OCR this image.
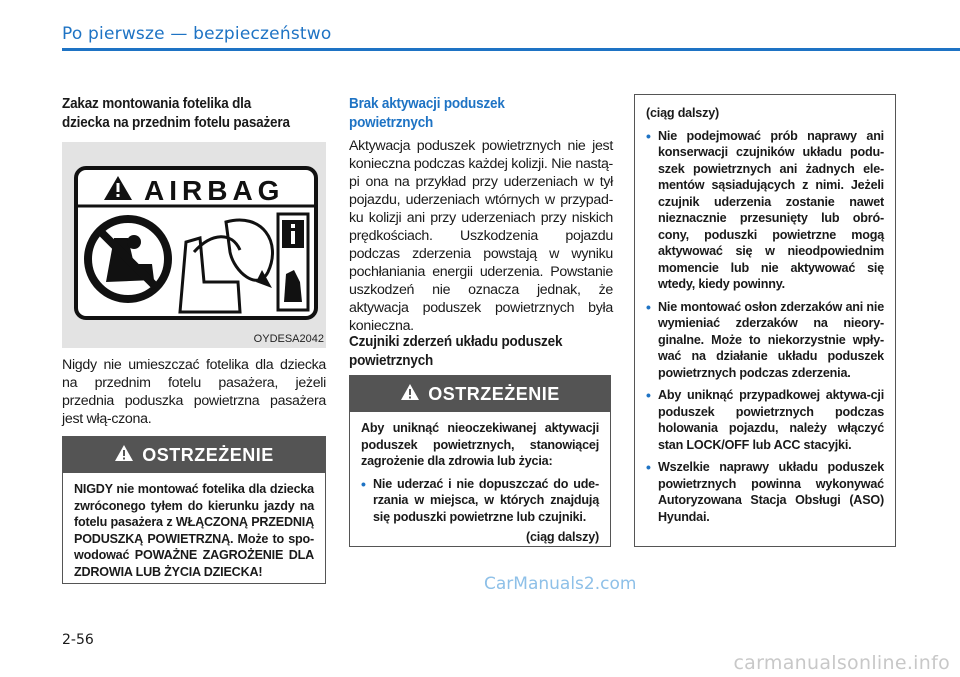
Po pierwsze — bezpieczeństwo
Zakaz montowania fotelika dla
dziecka na przednim fotelu pasażera
AIRBAG
OYDESA2042
Nigdy nie umieszczać fotelika dla dziecka na przednim fotelu pasażera, jeżeli przednia poduszka powietrzna pasażera jest włą-czona.
OSTRZEŻENIE
NIGDY nie montować fotelika dla dziecka zwróconego tyłem do kierunku jazdy na fotelu pasażera z WŁĄCZONĄ PRZEDNIĄ PODUSZKĄ POWIETRZNĄ. Może to spo-wodować POWAŻNE ZAGROŻENIE DLA ZDROWIA LUB ŻYCIA DZIECKA!
Brak aktywacji poduszek
powietrznych
Aktywacja poduszek powietrznych nie jest konieczna podczas każdej kolizji. Nie nastą-pi ona na przykład przy uderzeniach w tył pojazdu, uderzeniach wtórnych w przypad-ku kolizji ani przy uderzeniach przy niskich prędkościach. Uszkodzenia pojazdu podczas zderzenia powstają w wyniku pochłaniania energii uderzenia. Powstanie uszkodzeń nie oznacza jednak, że aktywacja poduszek powietrznych była konieczna.
Czujniki zderzeń układu poduszek
powietrznych
OSTRZEŻENIE
Aby uniknąć nieoczekiwanej aktywacji poduszek powietrznych, stanowiącej zagrożenie dla zdrowia lub życia:
• Nie uderzać i nie dopuszczać do ude-rzania w miejsca, w których znajdują się poduszki powietrzne lub czujniki.
(ciąg dalszy)
(ciąg dalszy)
• Nie podejmować prób naprawy ani konserwacji czujników układu podu-szek powietrznych ani żadnych ele-mentów sąsiadujących z nimi. Jeżeli czujnik uderzenia zostanie nawet nieznacznie przesunięty lub obró-cony, poduszki powietrzne mogą aktywować się w nieodpowiednim momencie lub nie aktywować się wtedy, kiedy powinny.
• Nie montować osłon zderzaków ani nie wymieniać zderzaków na nieory-ginalne. Może to niekorzystnie wpły-wać na działanie układu poduszek powietrznych podczas zderzenia.
• Aby uniknąć przypadkowej aktywa-cji poduszek powietrznych podczas holowania pojazdu, należy włączyć stan LOCK/OFF lub ACC stacyjki.
• Wszelkie naprawy układu poduszek powietrznych powinna wykonywać Autoryzowana Stacja Obsługi (ASO) Hyundai.
CarManuals2.com
2-56
carmanualsonline.info
